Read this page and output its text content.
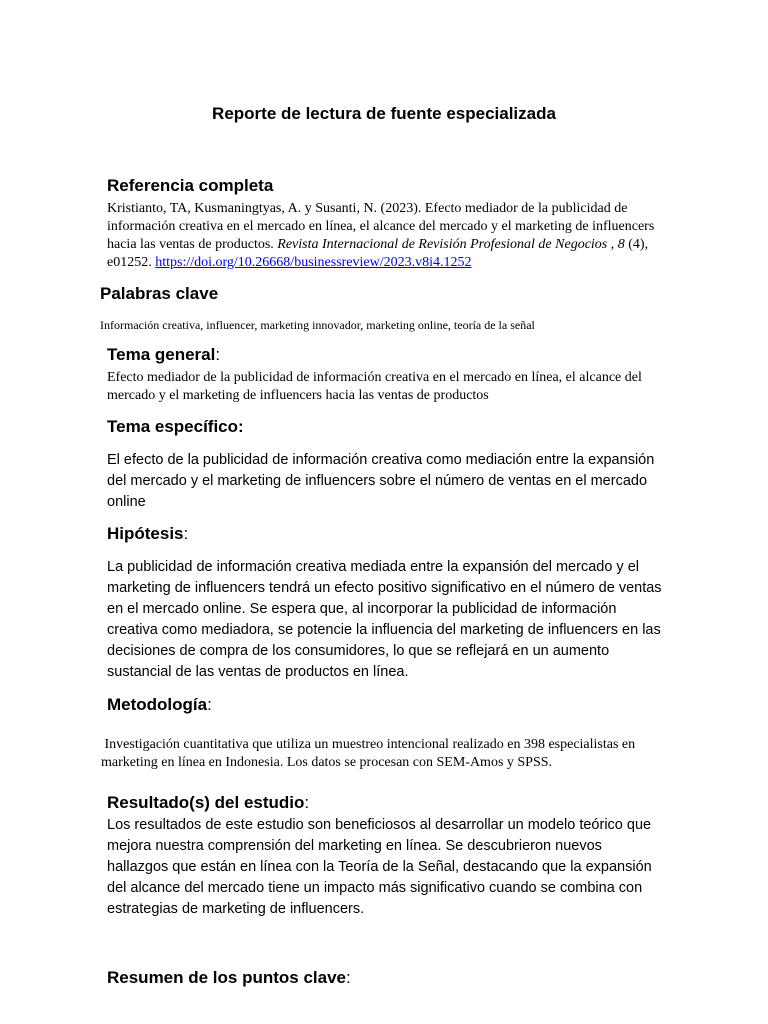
Reporte de lectura de fuente especializada
Referencia completa
Kristianto, TA, Kusmaningtyas, A. y Susanti, N. (2023). Efecto mediador de la publicidad de información creativa en el mercado en línea, el alcance del mercado y el marketing de influencers hacia las ventas de productos. Revista Internacional de Revisión Profesional de Negocios , 8 (4), e01252. https://doi.org/10.26668/businessreview/2023.v8i4.1252
Palabras clave
Información creativa, influencer, marketing innovador, marketing online, teoría de la señal
Tema general:
Efecto mediador de la publicidad de información creativa en el mercado en línea, el alcance del mercado y el marketing de influencers hacia las ventas de productos
Tema específico:
El efecto de la publicidad de información creativa como mediación entre la expansión del mercado y el marketing de influencers sobre el número de ventas en el mercado online
Hipótesis:
La publicidad de información creativa mediada entre la expansión del mercado y el marketing de influencers tendrá un efecto positivo significativo en el número de ventas en el mercado online. Se espera que, al incorporar la publicidad de información creativa como mediadora, se potencie la influencia del marketing de influencers en las decisiones de compra de los consumidores, lo que se reflejará en un aumento sustancial de las ventas de productos en línea.
Metodología:
Investigación cuantitativa que utiliza un muestreo intencional realizado en 398 especialistas en marketing en línea en Indonesia. Los datos se procesan con SEM-Amos y SPSS.
Resultado(s) del estudio:
Los resultados de este estudio son beneficiosos al desarrollar un modelo teórico que mejora nuestra comprensión del marketing en línea. Se descubrieron nuevos hallazgos que están en línea con la Teoría de la Señal, destacando que la expansión del alcance del mercado tiene un impacto más significativo cuando se combina con estrategias de marketing de influencers.
Resumen de los puntos clave:
